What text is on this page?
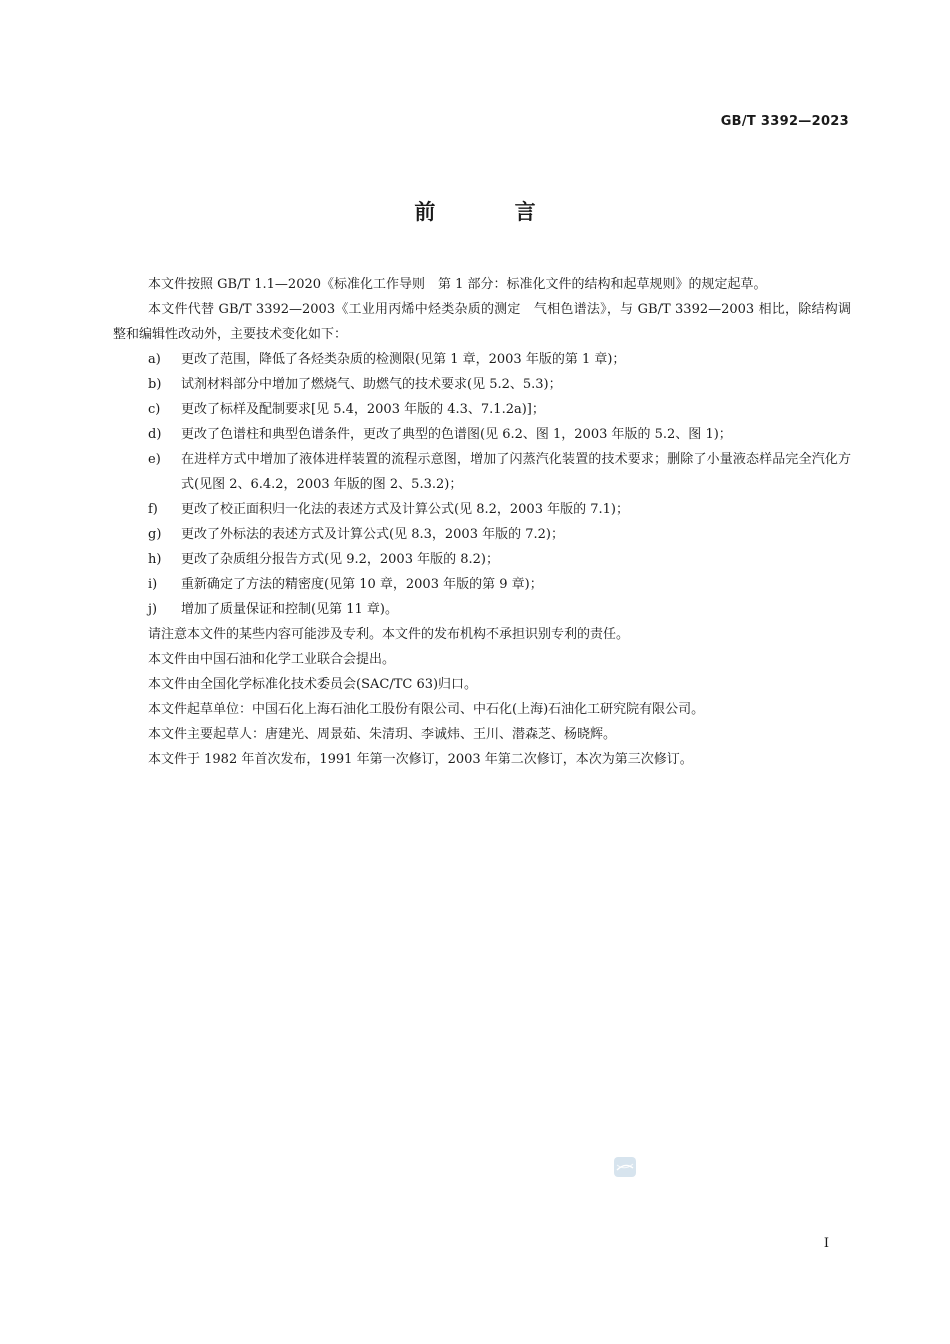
GB/T 3392—2023
前 言

本文件按照 GB/T 1.1—2020《标准化工作导则　第 1 部分：标准化文件的结构和起草规则》的规定起草。

本文件代替 GB/T 3392—2003《工业用丙烯中烃类杂质的测定　气相色谱法》，与 GB/T 3392—2003 相比，除结构调整和编辑性改动外，主要技术变化如下：

a)	更改了范围，降低了各烃类杂质的检测限(见第 1 章，2003 年版的第 1 章)；
b)	试剂材料部分中增加了燃烧气、助燃气的技术要求(见 5.2、5.3)；
c)	更改了标样及配制要求[见 5.4，2003 年版的 4.3、7.1.2a)]；
d)	更改了色谱柱和典型色谱条件，更改了典型的色谱图(见 6.2、图 1，2003 年版的 5.2、图 1)；
e)	在进样方式中增加了液体进样装置的流程示意图，增加了闪蒸汽化装置的技术要求；删除了小量液态样品完全汽化方式(见图 2、6.4.2，2003 年版的图 2、5.3.2)；
f)	更改了校正面积归一化法的表述方式及计算公式(见 8.2，2003 年版的 7.1)；
g)	更改了外标法的表述方式及计算公式(见 8.3，2003 年版的 7.2)；
h)	更改了杂质组分报告方式(见 9.2，2003 年版的 8.2)；
i)	重新确定了方法的精密度(见第 10 章，2003 年版的第 9 章)；
j)	增加了质量保证和控制(见第 11 章)。

请注意本文件的某些内容可能涉及专利。本文件的发布机构不承担识别专利的责任。

本文件由中国石油和化学工业联合会提出。

本文件由全国化学标准化技术委员会(SAC/TC 63)归口。

本文件起草单位：中国石化上海石油化工股份有限公司、中石化(上海)石油化工研究院有限公司。

本文件主要起草人：唐建光、周景茹、朱清玥、李诚炜、王川、潜森芝、杨晓辉。

本文件于 1982 年首次发布，1991 年第一次修订，2003 年第二次修订，本次为第三次修订。

I
